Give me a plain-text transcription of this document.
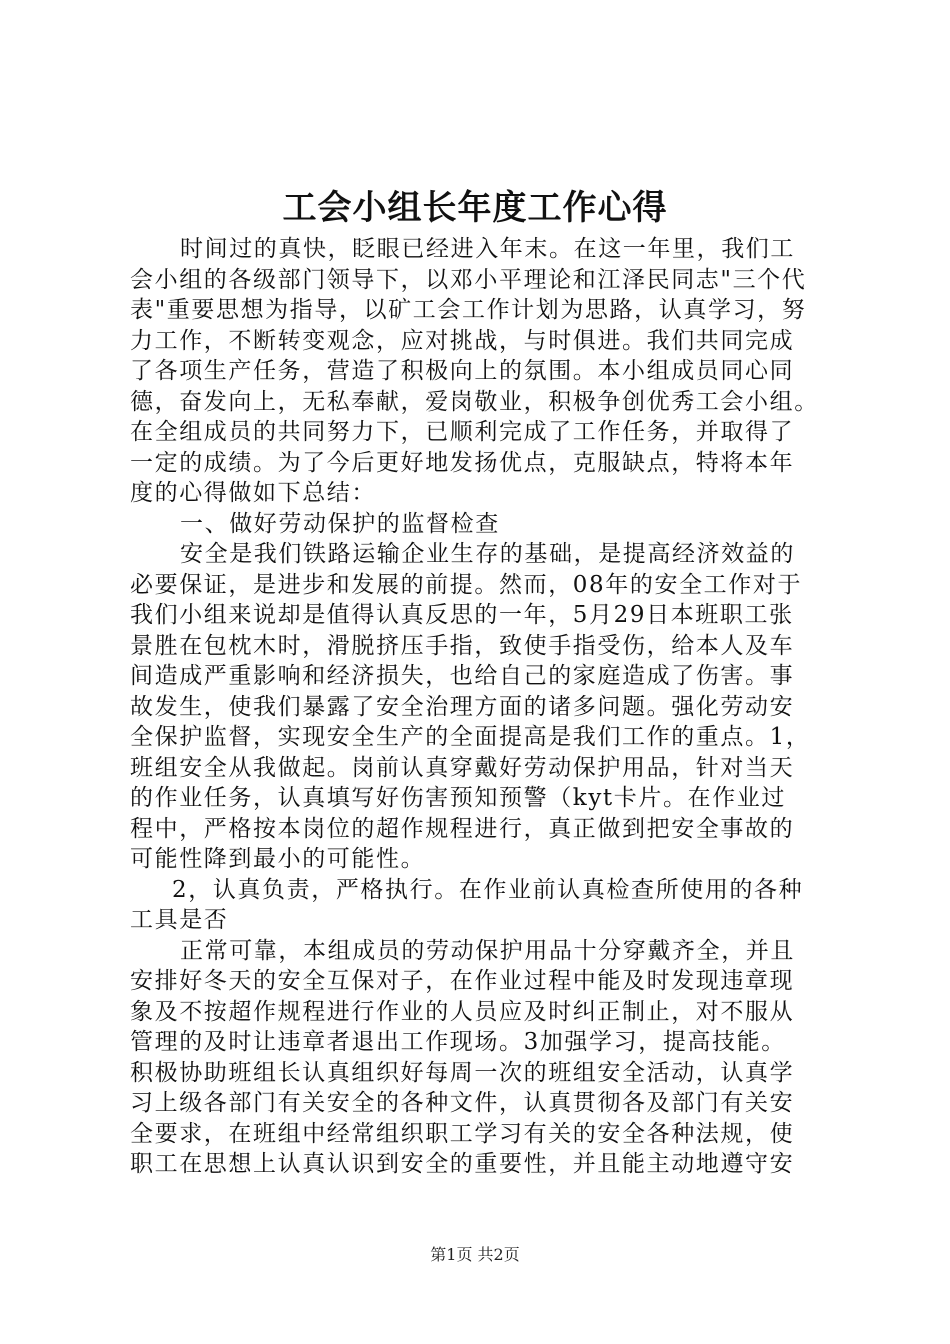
工会小组长年度工作心得

时间过的真快，眨眼已经进入年末。在这一年里，我们工

会小组的各级部门领导下，以邓小平理论和江泽民同志"三个代

表"重要思想为指导，以矿工会工作计划为思路，认真学习，努

力工作，不断转变观念，应对挑战，与时俱进。我们共同完成

了各项生产任务，营造了积极向上的氛围。本小组成员同心同

德，奋发向上，无私奉献，爱岗敬业，积极争创优秀工会小组。

在全组成员的共同努力下，已顺利完成了工作任务，并取得了

一定的成绩。为了今后更好地发扬优点，克服缺点，特将本年

度的心得做如下总结：

一、做好劳动保护的监督检查

安全是我们铁路运输企业生存的基础，是提高经济效益的

必要保证，是进步和发展的前提。然而，08年的安全工作对于

我们小组来说却是值得认真反思的一年，5月29日本班职工张

景胜在包枕木时，滑脱挤压手指，致使手指受伤，给本人及车

间造成严重影响和经济损失，也给自己的家庭造成了伤害。事

故发生，使我们暴露了安全治理方面的诸多问题。强化劳动安

全保护监督，实现安全生产的全面提高是我们工作的重点。1，

班组安全从我做起。岗前认真穿戴好劳动保护用品，针对当天

的作业任务，认真填写好伤害预知预警（kyt卡片。在作业过

程中，严格按本岗位的超作规程进行，真正做到把安全事故的

可能性降到最小的可能性。

2，认真负责，严格执行。在作业前认真检查所使用的各种

工具是否

正常可靠，本组成员的劳动保护用品十分穿戴齐全，并且

安排好冬天的安全互保对子，在作业过程中能及时发现违章现

象及不按超作规程进行作业的人员应及时纠正制止，对不服从

管理的及时让违章者退出工作现场。3加强学习，提高技能。

积极协助班组长认真组织好每周一次的班组安全活动，认真学

习上级各部门有关安全的各种文件，认真贯彻各及部门有关安

全要求，在班组中经常组织职工学习有关的安全各种法规，使

职工在思想上认真认识到安全的重要性，并且能主动地遵守安

第1页 共2页
